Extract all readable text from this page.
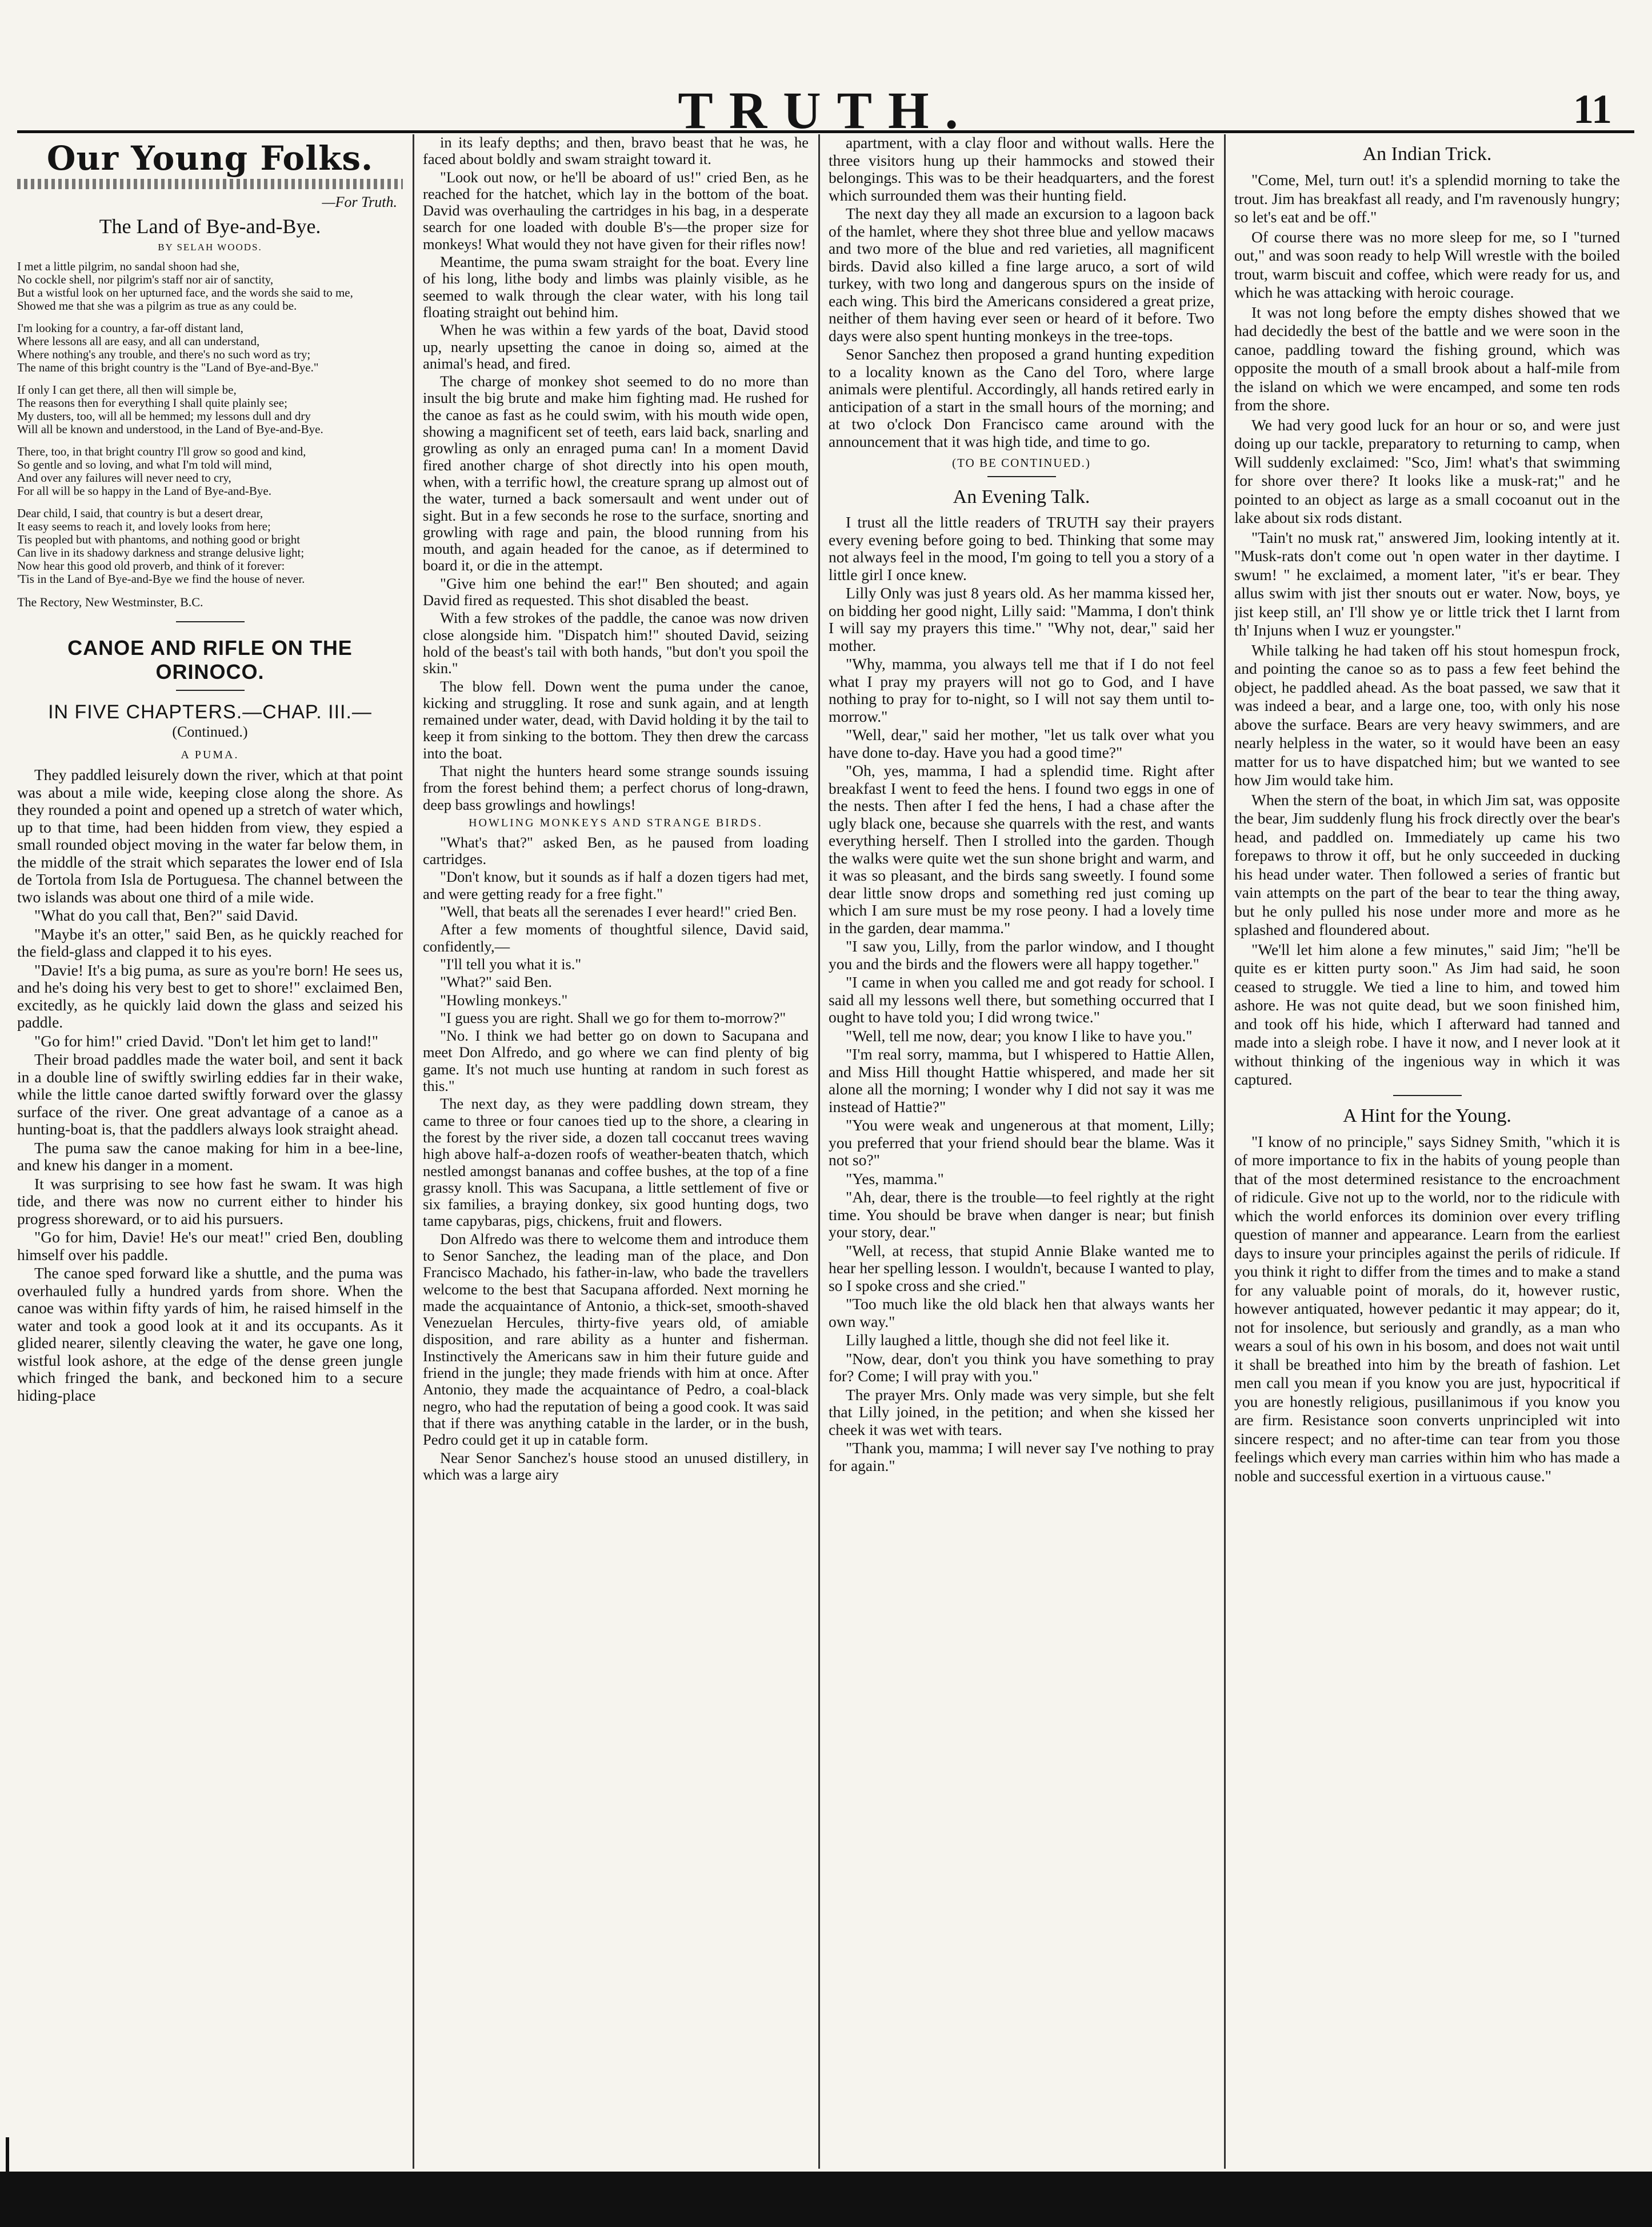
TRUTH.	11
Our Young Folks.
—For Truth.
The Land of Bye-and-Bye.
BY SELAH WOODS.
I met a little pilgrim, no sandal shoon had she,
No cockle shell, nor pilgrim's staff nor air of sanctity,
But a wistful look on her upturned face, and the words she said to me,
Showed me that she was a pilgrim as true as any could be.
I'm looking for a country, a far-off distant land,
Where lessons all are easy, and all can understand,
Where nothing's any trouble, and there's no such word as try;
The name of this bright country is the "Land of Bye-and-Bye."
If only I can get there, all then will simple be,
The reasons then for everything I shall quite plainly see;
My dusters, too, will all be hemmed; my lessons dull and dry
Will all be known and understood, in the Land of Bye-and-Bye.
There, too, in that bright country I'll grow so good and kind,
So gentle and so loving, and what I'm told will mind,
And over any failures will never need to cry,
For all will be so happy in the Land of Bye-and-Bye.
Dear child, I said, that country is but a desert drear,
It easy seems to reach it, and lovely looks from here;
Tis peopled but with phantoms, and nothing good or bright
Can live in its shadowy darkness and strange delusive light;
Now hear this good old proverb, and think of it forever:
'Tis in the Land of Bye-and-Bye we find the house of never.
The Rectory, New Westminster, B.C.
CANOE AND RIFLE ON THE ORINOCO.
IN FIVE CHAPTERS.—CHAP. III.—
(Continued.)
A PUMA.

They paddled leisurely down the river, which at that point was about a mile wide, keeping close along the shore. As they rounded a point and opened up a stretch of water which, up to that time, had been hidden from view, they espied a small rounded object moving in the water far below them, in the middle of the strait which separates the lower end of Isla de Tortola from Isla de Portuguesa. The channel between the two islands was about one third of a mile wide.

"What do you call that, Ben?" said David.

"Maybe it's an otter," said Ben, as he quickly reached for the field-glass and clapped it to his eyes.

"Davie! It's a big puma, as sure as you're born! He sees us, and he's doing his very best to get to shore!" exclaimed Ben, excitedly, as he quickly laid down the glass and seized his paddle.

"Go for him!" cried David. "Don't let him get to land!"

Their broad paddles made the water boil, and sent it back in a double line of swiftly swirling eddies far in their wake, while the little canoe darted swiftly forward over the glassy surface of the river. One great advantage of a canoe as a hunting-boat is, that the paddlers always look straight ahead.

The puma saw the canoe making for him in a bee-line, and knew his danger in a moment.

It was surprising to see how fast he swam. It was high tide, and there was now no current either to hinder his progress shoreward, or to aid his pursuers.

"Go for him, Davie! He's our meat!" cried Ben, doubling himself over his paddle.

The canoe sped forward like a shuttle, and the puma was overhauled fully a hundred yards from shore. When the canoe was within fifty yards of him, he raised himself in the water and took a good look at it and its occupants. As it glided nearer, silently cleaving the water, he gave one long, wistful look ashore, at the edge of the dense green jungle which fringed the bank, and beckoned him to a secure hiding-place

in its leafy depths; and then, bravo beast that he was, he faced about boldly and swam straight toward it.

"Look out now, or he'll be aboard of us!" cried Ben, as he reached for the hatchet, which lay in the bottom of the boat. David was overhauling the cartridges in his bag, in a desperate search for one loaded with double B's—the proper size for monkeys! What would they not have given for their rifles now!

Meantime, the puma swam straight for the boat. Every line of his long, lithe body and limbs was plainly visible, as he seemed to walk through the clear water, with his long tail floating straight out behind him.

When he was within a few yards of the boat, David stood up, nearly upsetting the canoe in doing so, aimed at the animal's head, and fired.

The charge of monkey shot seemed to do no more than insult the big brute and make him fighting mad. He rushed for the canoe as fast as he could swim, with his mouth wide open, showing a magnificent set of teeth, ears laid back, snarling and growling as only an enraged puma can! In a moment David fired another charge of shot directly into his open mouth, when, with a terrific howl, the creature sprang up almost out of the water, turned a back somersault and went under out of sight. But in a few seconds he rose to the surface, snorting and growling with rage and pain, the blood running from his mouth, and again headed for the canoe, as if determined to board it, or die in the attempt.

"Give him one behind the ear!" Ben shouted; and again David fired as requested. This shot disabled the beast.

With a few strokes of the paddle, the canoe was now driven close alongside him. "Dispatch him!" shouted David, seizing hold of the beast's tail with both hands, "but don't you spoil the skin."

The blow fell. Down went the puma under the canoe, kicking and struggling. It rose and sunk again, and at length remained under water, dead, with David holding it by the tail to keep it from sinking to the bottom. They then drew the carcass into the boat.

That night the hunters heard some strange sounds issuing from the forest behind them; a perfect chorus of long-drawn, deep bass growlings and howlings!

HOWLING MONKEYS AND STRANGE BIRDS.

"What's that?" asked Ben, as he paused from loading cartridges.

"Don't know, but it sounds as if half a dozen tigers had met, and were getting ready for a free fight."

"Well, that beats all the serenades I ever heard!" cried Ben.

After a few moments of thoughtful silence, David said, confidently,—

"I'll tell you what it is."

"What?" said Ben.

"Howling monkeys."

"I guess you are right. Shall we go for them to-morrow?"

"No. I think we had better go on down to Sacupana and meet Don Alfredo, and go where we can find plenty of big game. It's not much use hunting at random in such forest as this."

The next day, as they were paddling down stream, they came to three or four canoes tied up to the shore, a clearing in the forest by the river side, a dozen tall coccanut trees waving high above half-a-dozen roofs of weather-beaten thatch, which nestled amongst bananas and coffee bushes, at the top of a fine grassy knoll. This was Sacupana, a little settlement of five or six families, a braying donkey, six good hunting dogs, two tame capybaras, pigs, chickens, fruit and flowers.

Don Alfredo was there to welcome them and introduce them to Senor Sanchez, the leading man of the place, and Don Francisco Machado, his father-in-law, who bade the travellers welcome to the best that Sacupana afforded. Next morning he made the acquaintance of Antonio, a thick-set, smooth-shaved Venezuelan Hercules, thirty-five years old, of amiable disposition, and rare ability as a hunter and fisherman. Instinctively the Americans saw in him their future guide and friend in the jungle; they made friends with him at once. After Antonio, they made the acquaintance of Pedro, a coal-black negro, who had the reputation of being a good cook. It was said that if there was anything catable in the larder, or in the bush, Pedro could get it up in catable form.

Near Senor Sanchez's house stood an unused distillery, in which was a large airy

apartment, with a clay floor and without walls. Here the three visitors hung up their hammocks and stowed their belongings. This was to be their headquarters, and the forest which surrounded them was their hunting field.

The next day they all made an excursion to a lagoon back of the hamlet, where they shot three blue and yellow macaws and two more of the blue and red varieties, all magnificent birds. David also killed a fine large aruco, a sort of wild turkey, with two long and dangerous spurs on the inside of each wing. This bird the Americans considered a great prize, neither of them having ever seen or heard of it before. Two days were also spent hunting monkeys in the tree-tops.

Senor Sanchez then proposed a grand hunting expedition to a locality known as the Cano del Toro, where large animals were plentiful. Accordingly, all hands retired early in anticipation of a start in the small hours of the morning; and at two o'clock Don Francisco came around with the announcement that it was high tide, and time to go.

(TO BE CONTINUED.)
An Evening Talk.

I trust all the little readers of TRUTH say their prayers every evening before going to bed. Thinking that some may not always feel in the mood, I'm going to tell you a story of a little girl I once knew.

Lilly Only was just 8 years old. As her mamma kissed her, on bidding her good night, Lilly said: "Mamma, I don't think I will say my prayers this time." "Why not, dear," said her mother.

"Why, mamma, you always tell me that if I do not feel what I pray my prayers will not go to God, and I have nothing to pray for to-night, so I will not say them until to-morrow."

"Well, dear," said her mother, "let us talk over what you have done to-day. Have you had a good time?"

"Oh, yes, mamma, I had a splendid time. Right after breakfast I went to feed the hens. I found two eggs in one of the nests. Then after I fed the hens, I had a chase after the ugly black one, because she quarrels with the rest, and wants everything herself. Then I strolled into the garden. Though the walks were quite wet the sun shone bright and warm, and it was so pleasant, and the birds sang sweetly. I found some dear little snow drops and something red just coming up which I am sure must be my rose peony. I had a lovely time in the garden, dear mamma."

"I saw you, Lilly, from the parlor window, and I thought you and the birds and the flowers were all happy together."

"I came in when you called me and got ready for school. I said all my lessons well there, but something occurred that I ought to have told you; I did wrong twice."

"Well, tell me now, dear; you know I like to have you."

"I'm real sorry, mamma, but I whispered to Hattie Allen, and Miss Hill thought Hattie whispered, and made her sit alone all the morning; I wonder why I did not say it was me instead of Hattie?"

"You were weak and ungenerous at that moment, Lilly; you preferred that your friend should bear the blame. Was it not so?"

"Yes, mamma."

"Ah, dear, there is the trouble—to feel rightly at the right time. You should be brave when danger is near; but finish your story, dear."

"Well, at recess, that stupid Annie Blake wanted me to hear her spelling lesson. I wouldn't, because I wanted to play, so I spoke cross and she cried."

"Too much like the old black hen that always wants her own way."

Lilly laughed a little, though she did not feel like it.

"Now, dear, don't you think you have something to pray for? Come; I will pray with you."

The prayer Mrs. Only made was very simple, but she felt that Lilly joined, in the petition; and when she kissed her cheek it was wet with tears.

"Thank you, mamma; I will never say I've nothing to pray for again."

An Indian Trick.

"Come, Mel, turn out! it's a splendid morning to take the trout. Jim has breakfast all ready, and I'm ravenously hungry; so let's eat and be off."

Of course there was no more sleep for me, so I "turned out," and was soon ready to help Will wrestle with the boiled trout, warm biscuit and coffee, which were ready for us, and which he was attacking with heroic courage.

It was not long before the empty dishes showed that we had decidedly the best of the battle and we were soon in the canoe, paddling toward the fishing ground, which was opposite the mouth of a small brook about a half-mile from the island on which we were encamped, and some ten rods from the shore.

We had very good luck for an hour or so, and were just doing up our tackle, preparatory to returning to camp, when Will suddenly exclaimed: "Sco, Jim! what's that swimming for shore over there? It looks like a musk-rat;" and he pointed to an object as large as a small cocoanut out in the lake about six rods distant.

"Tain't no musk rat," answered Jim, looking intently at it. "Musk-rats don't come out 'n open water in ther daytime. I swum! " he exclaimed, a moment later, "it's er bear. They allus swim with jist ther snouts out er water. Now, boys, ye jist keep still, an' I'll show ye or little trick thet I larnt from th' Injuns when I wuz er youngster."

While talking he had taken off his stout homespun frock, and pointing the canoe so as to pass a few feet behind the object, he paddled ahead. As the boat passed, we saw that it was indeed a bear, and a large one, too, with only his nose above the surface. Bears are very heavy swimmers, and are nearly helpless in the water, so it would have been an easy matter for us to have dispatched him; but we wanted to see how Jim would take him.

When the stern of the boat, in which Jim sat, was opposite the bear, Jim suddenly flung his frock directly over the bear's head, and paddled on. Immediately up came his two forepaws to throw it off, but he only succeeded in ducking his head under water. Then followed a series of frantic but vain attempts on the part of the bear to tear the thing away, but he only pulled his nose under more and more as he splashed and floundered about.

"We'll let him alone a few minutes," said Jim; "he'll be quite es er kitten purty soon." As Jim had said, he soon ceased to struggle. We tied a line to him, and towed him ashore. He was not quite dead, but we soon finished him, and took off his hide, which I afterward had tanned and made into a sleigh robe. I have it now, and I never look at it without thinking of the ingenious way in which it was captured.

A Hint for the Young.

"I know of no principle," says Sidney Smith, "which it is of more importance to fix in the habits of young people than that of the most determined resistance to the encroachment of ridicule. Give not up to the world, nor to the ridicule with which the world enforces its dominion over every trifling question of manner and appearance. Learn from the earliest days to insure your principles against the perils of ridicule. If you think it right to differ from the times and to make a stand for any valuable point of morals, do it, however rustic, however antiquated, however pedantic it may appear; do it, not for insolence, but seriously and grandly, as a man who wears a soul of his own in his bosom, and does not wait until it shall be breathed into him by the breath of fashion. Let men call you mean if you know you are just, hypocritical if you are honestly religious, pusillanimous if you know you are firm. Resistance soon converts unprincipled wit into sincere respect; and no after-time can tear from you those feelings which every man carries within him who has made a noble and successful exertion in a virtuous cause."
